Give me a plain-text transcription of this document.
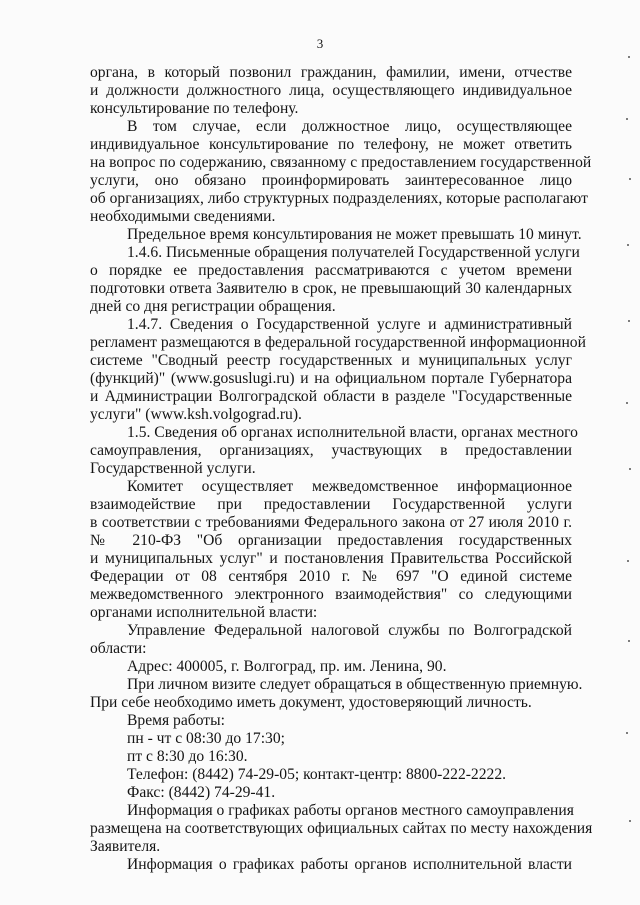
3
органа, в который позвонил гражданин, фамилии, имени, отчестве
и должности должностного лица, осуществляющего индивидуальное
консультирование по телефону.
В том случае, если должностное лицо, осуществляющее
индивидуальное консультирование по телефону, не может ответить
на вопрос по содержанию, связанному с предоставлением государственной
услуги, оно обязано проинформировать заинтересованное лицо
об организациях, либо структурных подразделениях, которые располагают
необходимыми сведениями.
Предельное время консультирования не может превышать 10 минут.
1.4.6. Письменные обращения получателей Государственной услуги
о порядке ее предоставления рассматриваются с учетом времени
подготовки ответа Заявителю в срок, не превышающий 30 календарных
дней со дня регистрации обращения.
1.4.7. Сведения о Государственной услуге и административный
регламент размещаются в федеральной государственной информационной
системе "Сводный реестр государственных и муниципальных услуг
(функций)" (www.gosuslugi.ru) и на официальном портале Губернатора
и Администрации Волгоградской области в разделе "Государственные
услуги" (www.ksh.volgograd.ru).
1.5. Сведения об органах исполнительной власти, органах местного
самоуправления, организациях, участвующих в предоставлении
Государственной услуги.
Комитет осуществляет межведомственное информационное
взаимодействие при предоставлении Государственной услуги
в соответствии с требованиями Федерального закона от 27 июля 2010 г.
№ 210-ФЗ "Об организации предоставления государственных
и муниципальных услуг" и постановления Правительства Российской
Федерации от 08 сентября 2010 г. № 697 "О единой системе
межведомственного электронного взаимодействия" со следующими
органами исполнительной власти:
Управление Федеральной налоговой службы по Волгоградской
области:
Адрес: 400005, г. Волгоград, пр. им. Ленина, 90.
При личном визите следует обращаться в общественную приемную.
При себе необходимо иметь документ, удостоверяющий личность.
Время работы:
пн - чт с 08:30 до 17:30;
пт с 8:30 до 16:30.
Телефон: (8442) 74-29-05; контакт-центр: 8800-222-2222.
Факс: (8442) 74-29-41.
Информация о графиках работы органов местного самоуправления
размещена на соответствующих официальных сайтах по месту нахождения
Заявителя.
Информация о графиках работы органов исполнительной власти
